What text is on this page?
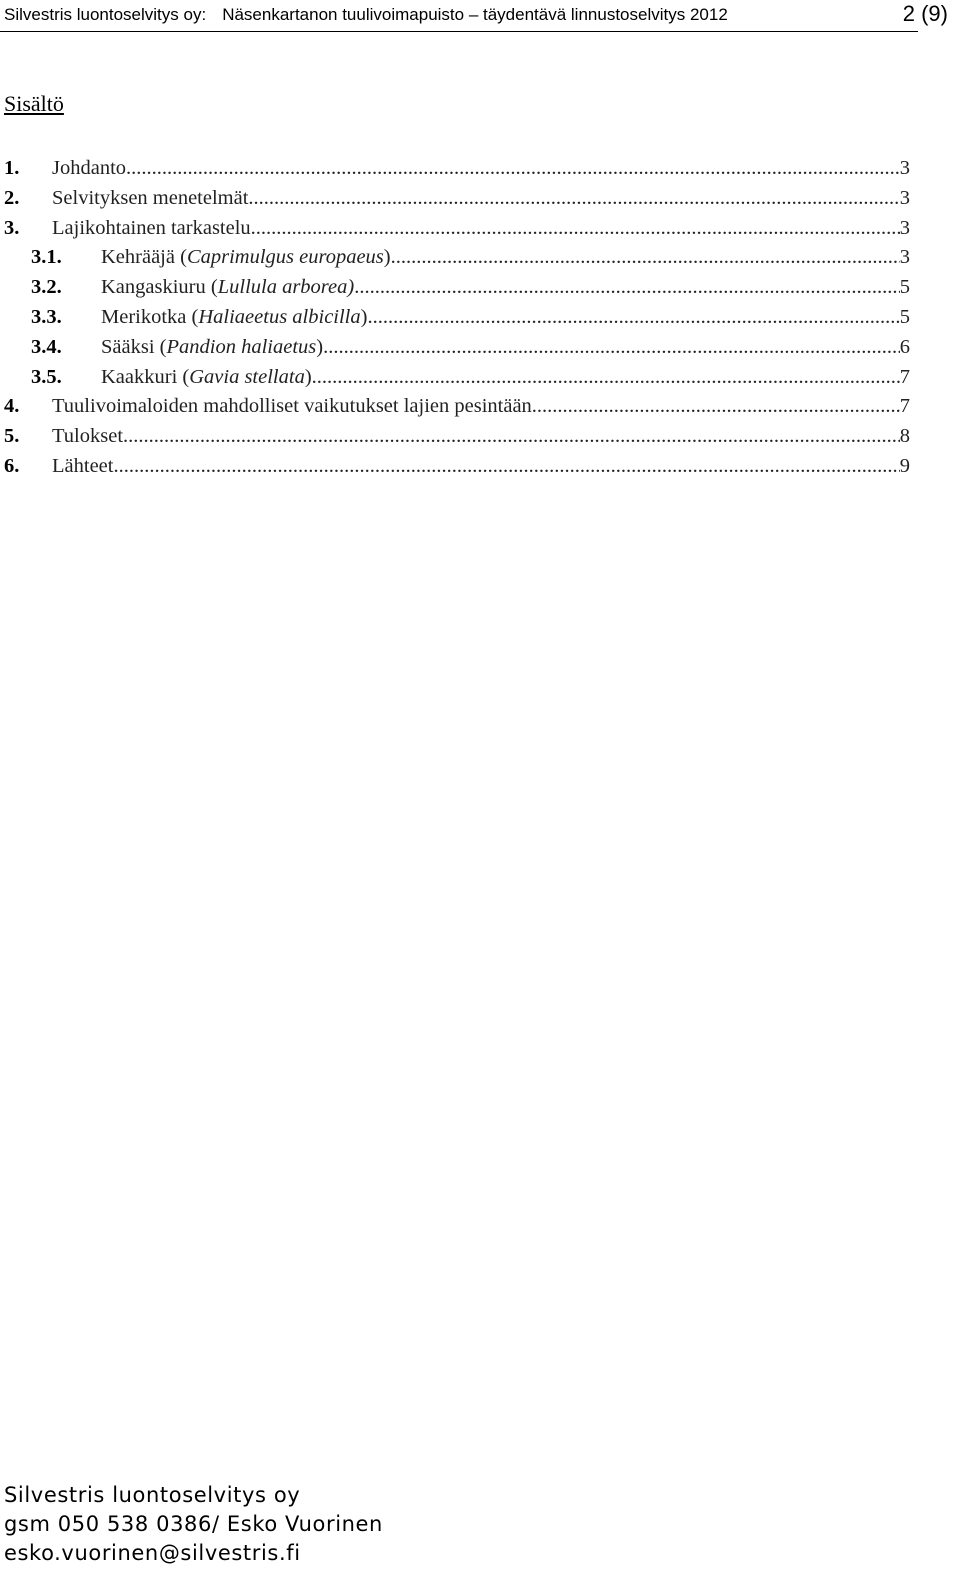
Silvestris luontoselvitys oy: Näsenkartanon tuulivoimapuisto – täydentävä linnustoselvitys 2012	2 (9)
Sisältö
1.	Johdanto .....	3
2.	Selvityksen menetelmät .....	3
3.	Lajikohtainen tarkastelu .....	3
3.1.	Kehrääjä (Caprimulgus europaeus) .....	3
3.2.	Kangaskiuru (Lullula arborea) .....	5
3.3.	Merikotka (Haliaeetus albicilla) .....	5
3.4.	Sääksi (Pandion haliaetus) .....	6
3.5.	Kaakkuri (Gavia stellata) .....	7
4.	Tuulivoimaloiden mahdolliset vaikutukset lajien pesintään .....	7
5.	Tulokset .....	8
6.	Lähteet .....	9
Silvestris luontoselvitys oy
gsm 050 538 0386/ Esko Vuorinen
esko.vuorinen@silvestris.fi
